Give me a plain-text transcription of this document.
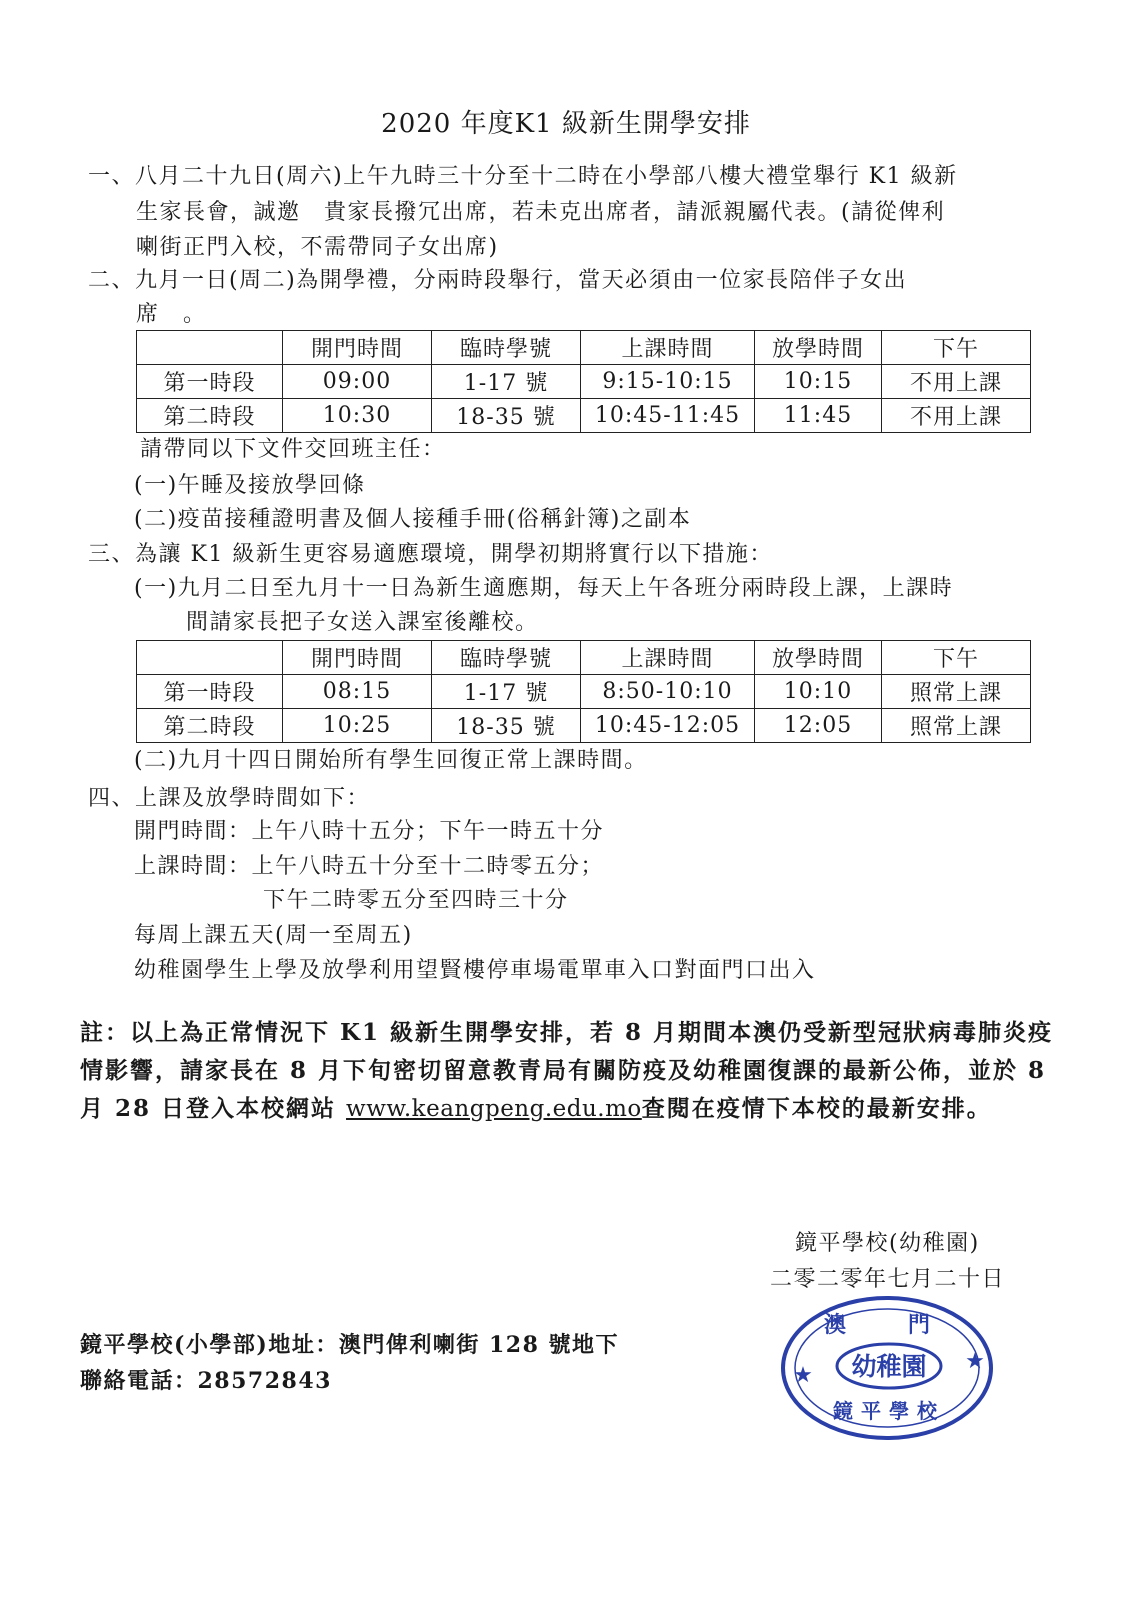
2020 年度K1 級新生開學安排
一、八月二十九日(周六)上午九時三十分至十二時在小學部八樓大禮堂舉行 K1 級新
生家長會，誠邀　貴家長撥冗出席，若未克出席者，請派親屬代表。(請從俾利
喇街正門入校，不需帶同子女出席)
二、九月一日(周二)為開學禮，分兩時段舉行，當天必須由一位家長陪伴子女出
席　。
	開門時間	臨時學號	上課時間	放學時間	下午
第一時段	09:00	1-17 號	9:15-10:15	10:15	不用上課
第二時段	10:30	18-35 號	10:45-11:45	11:45	不用上課
請帶同以下文件交回班主任：
(一)午睡及接放學回條
(二)疫苗接種證明書及個人接種手冊(俗稱針簿)之副本
三、為讓 K1 級新生更容易適應環境，開學初期將實行以下措施：
(一)九月二日至九月十一日為新生適應期，每天上午各班分兩時段上課，上課時
間請家長把子女送入課室後離校。
	開門時間	臨時學號	上課時間	放學時間	下午
第一時段	08:15	1-17 號	8:50-10:10	10:10	照常上課
第二時段	10:25	18-35 號	10:45-12:05	12:05	照常上課
(二)九月十四日開始所有學生回復正常上課時間。
四、上課及放學時間如下：
開門時間：上午八時十五分；下午一時五十分
上課時間：上午八時五十分至十二時零五分；
下午二時零五分至四時三十分
每周上課五天(周一至周五)
幼稚園學生上學及放學利用望賢樓停車場電單車入口對面門口出入
註：以上為正常情況下 K1 級新生開學安排，若 8 月期間本澳仍受新型冠狀病毒肺炎疫情影響，請家長在 8 月下旬密切留意教青局有關防疫及幼稚園復課的最新公佈，並於 8 月 28 日登入本校網站 www.keangpeng.edu.mo查閱在疫情下本校的最新安排。
鏡平學校(幼稚園)
二零二零年七月二十日
澳　門
幼稚園
鏡平學校
★
★
鏡平學校(小學部)地址：澳門俾利喇街 128 號地下
聯絡電話：28572843
